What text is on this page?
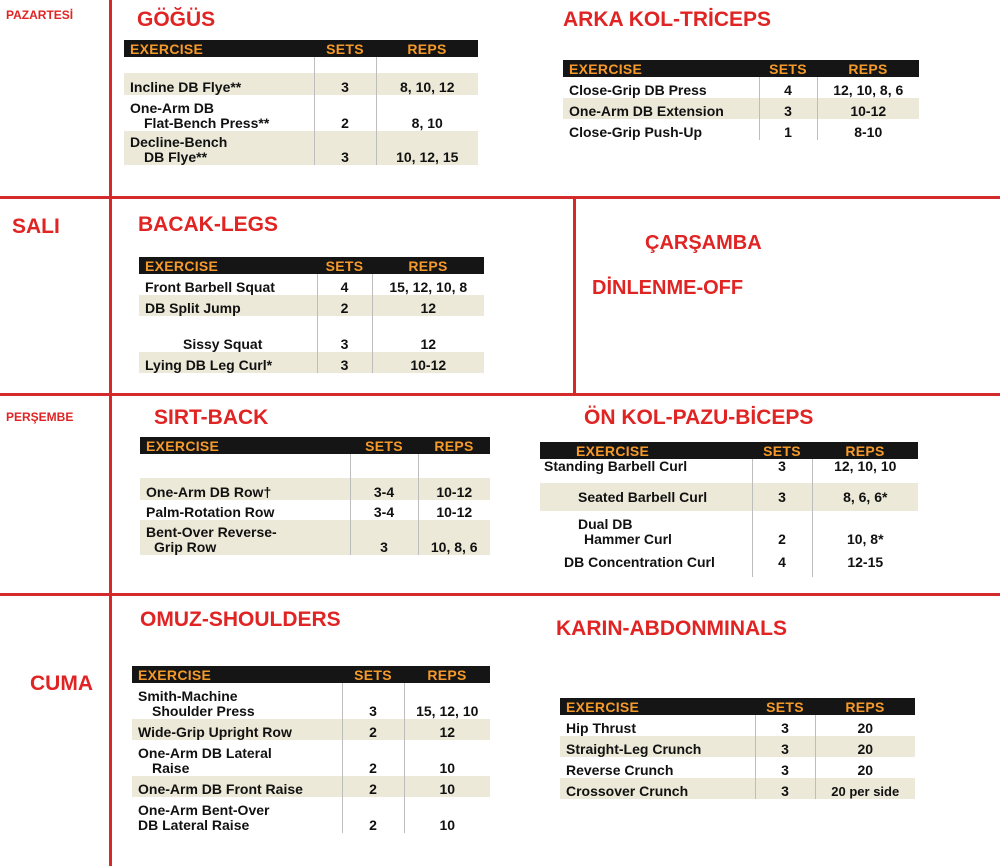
PAZARTESİ
SALI
PERŞEMBE
CUMA
GÖĞÜS	ARKA KOL-TRİCEPS
BACAK-LEGS
ÇARŞAMBA
DİNLENME-OFF
SIRT-BACK	ÖN KOL-PAZU-BİCEPS
OMUZ-SHOULDERS	KARIN-ABDONMINALS
EXERCISE	SETS	REPS

Incline DB Flye**	3	8, 10, 12
One-Arm DB
Flat-Bench Press**	2	8, 10
Decline-Bench
DB Flye**	3	10, 12, 15
EXERCISE	SETS	REPS
Close-Grip DB Press	4	12, 10, 8, 6
One-Arm DB Extension	3	10-12
Close-Grip Push-Up	1	8-10
EXERCISE	SETS	REPS
Front Barbell Squat	4	15, 12, 10, 8
DB Split Jump	2	12
Sissy Squat	3	12
Lying DB Leg Curl*	3	10-12
EXERCISE	SETS	REPS

One-Arm DB Row†	3-4	10-12
Palm-Rotation Row	3-4	10-12
Bent-Over Reverse-
Grip Row	3	10, 8, 6
EXERCISE	SETS	REPS
Standing Barbell Curl	3	12, 10, 10
Seated Barbell Curl	3	8, 6, 6*
Dual DB
Hammer Curl	2	10, 8*
DB Concentration Curl	4	12-15
EXERCISE	SETS	REPS
Smith-Machine
Shoulder Press	3	15, 12, 10
Wide-Grip Upright Row	2	12
One-Arm DB Lateral
Raise	2	10
One-Arm DB Front Raise	2	10
One-Arm Bent-Over
DB Lateral Raise	2	10
EXERCISE	SETS	REPS
Hip Thrust	3	20
Straight-Leg Crunch	3	20
Reverse Crunch	3	20
Crossover Crunch	3	20 per side
